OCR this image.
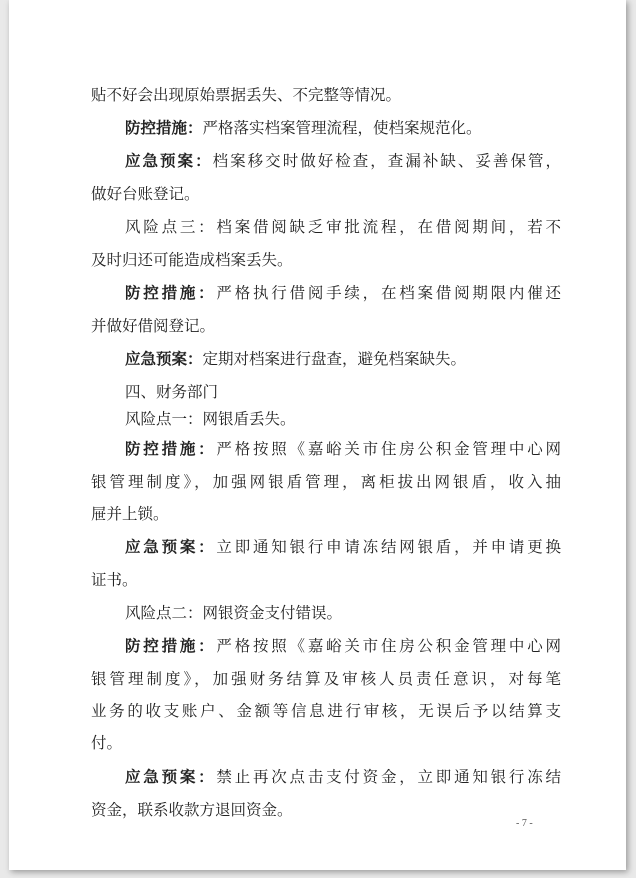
贴不好会出现原始票据丢失、不完整等情况。

防控措施：严格落实档案管理流程，使档案规范化。

应急预案：档案移交时做好检查，查漏补缺、妥善保管，

做好台账登记。

风险点三：档案借阅缺乏审批流程，在借阅期间，若不

及时归还可能造成档案丢失。

防控措施：严格执行借阅手续，在档案借阅期限内催还

并做好借阅登记。

应急预案：定期对档案进行盘查，避免档案缺失。

四、财务部门

风险点一：网银盾丢失。

防控措施：严格按照《嘉峪关市住房公积金管理中心网

银管理制度》，加强网银盾管理，离柜拔出网银盾，收入抽

屉并上锁。

应急预案：立即通知银行申请冻结网银盾，并申请更换

证书。

风险点二：网银资金支付错误。

防控措施：严格按照《嘉峪关市住房公积金管理中心网

银管理制度》，加强财务结算及审核人员责任意识，对每笔

业务的收支账户、金额等信息进行审核，无误后予以结算支

付。

应急预案：禁止再次点击支付资金，立即通知银行冻结

资金，联系收款方退回资金。

- 7 -
